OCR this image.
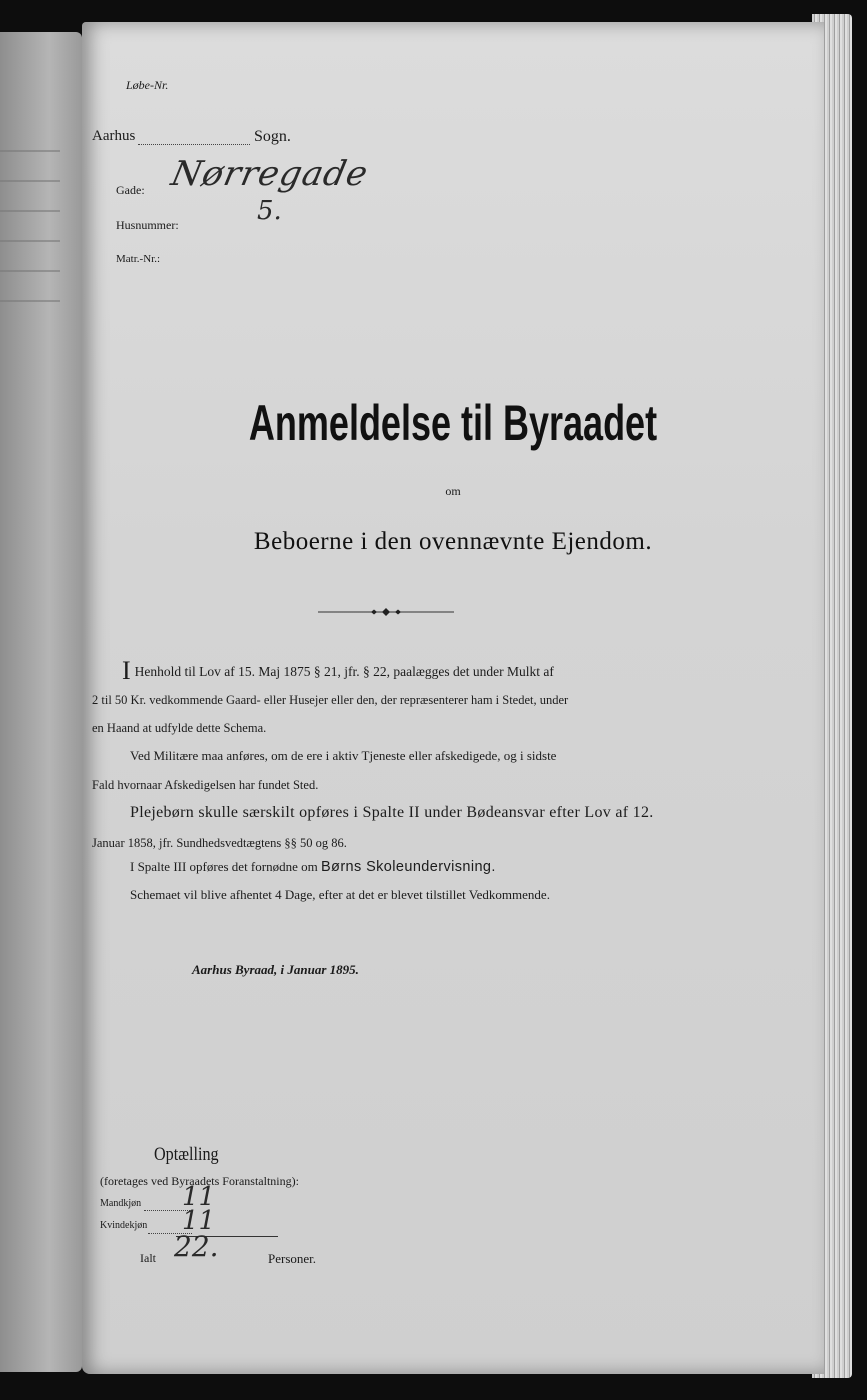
Løbe-Nr.
Aarhus	Sogn.
Gade: Nørregade
Husnummer:	5.
Matr.-Nr.:
Anmeldelse til Byraadet
om
Beboerne i den ovennævnte Ejendom.
I Henhold til Lov af 15. Maj 1875 § 21, jfr. § 22, paalægges det under Mulkt af
2 til 50 Kr. vedkommende Gaard- eller Husejer eller den, der repræsenterer ham i Stedet, under
en Haand at udfylde dette Schema.
Ved Militære maa anføres, om de ere i aktiv Tjeneste eller afskedigede, og i sidste
Fald hvornaar Afskedigelsen har fundet Sted.
Plejebørn skulle særskilt opføres i Spalte II under Bødeansvar efter Lov af 12.
Januar 1858, jfr. Sundhedsvedtægtens §§ 50 og 86.
I Spalte III opføres det fornødne om Børns Skoleundervisning.
Schemaet vil blive afhentet 4 Dage, efter at det er blevet tilstillet Vedkommende.
Aarhus Byraad, i Januar 1895.
Optælling
(foretages ved Byraadets Foranstaltning):
Mandkjøn 11
Kvindekjøn 11
Ialt 22.	Personer.
